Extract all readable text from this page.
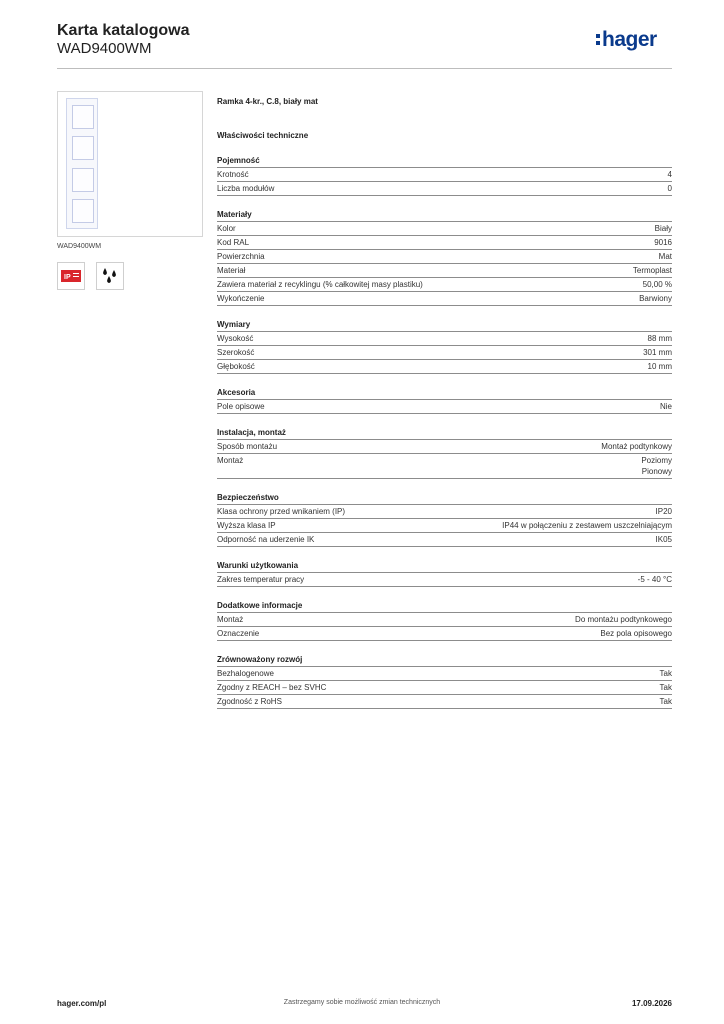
Karta katalogowa
WAD9400WM	hager
WAD9400WM
IP
Ramka 4-kr., C.8, biały mat
Właściwości techniczne
Pojemność
Krotność	4
Liczba modułów	0
Materiały
Kolor	Biały
Kod RAL	9016
Powierzchnia	Mat
Materiał	Termoplast
Zawiera materiał z recyklingu (% całkowitej masy plastiku)	50,00 %
Wykończenie	Barwiony
Wymiary
Wysokość	88 mm
Szerokość	301 mm
Głębokość	10 mm
Akcesoria
Pole opisowe	Nie
Instalacja, montaż
Sposób montażu	Montaż podtynkowy
Montaż	Poziomy
Pionowy
Bezpieczeństwo
Klasa ochrony przed wnikaniem (IP)	IP20
Wyższa klasa IP	IP44 w połączeniu z zestawem uszczelniającym
Odporność na uderzenie IK	IK05
Warunki użytkowania
Zakres temperatur pracy	-5 - 40 °C
Dodatkowe informacje
Montaż	Do montażu podtynkowego
Oznaczenie	Bez pola opisowego
Zrównoważony rozwój
Bezhalogenowe	Tak
Zgodny z REACH – bez SVHC	Tak
Zgodność z RoHS	Tak
hager.com/pl	Zastrzegamy sobie możliwość zmian technicznych	17.09.2026
